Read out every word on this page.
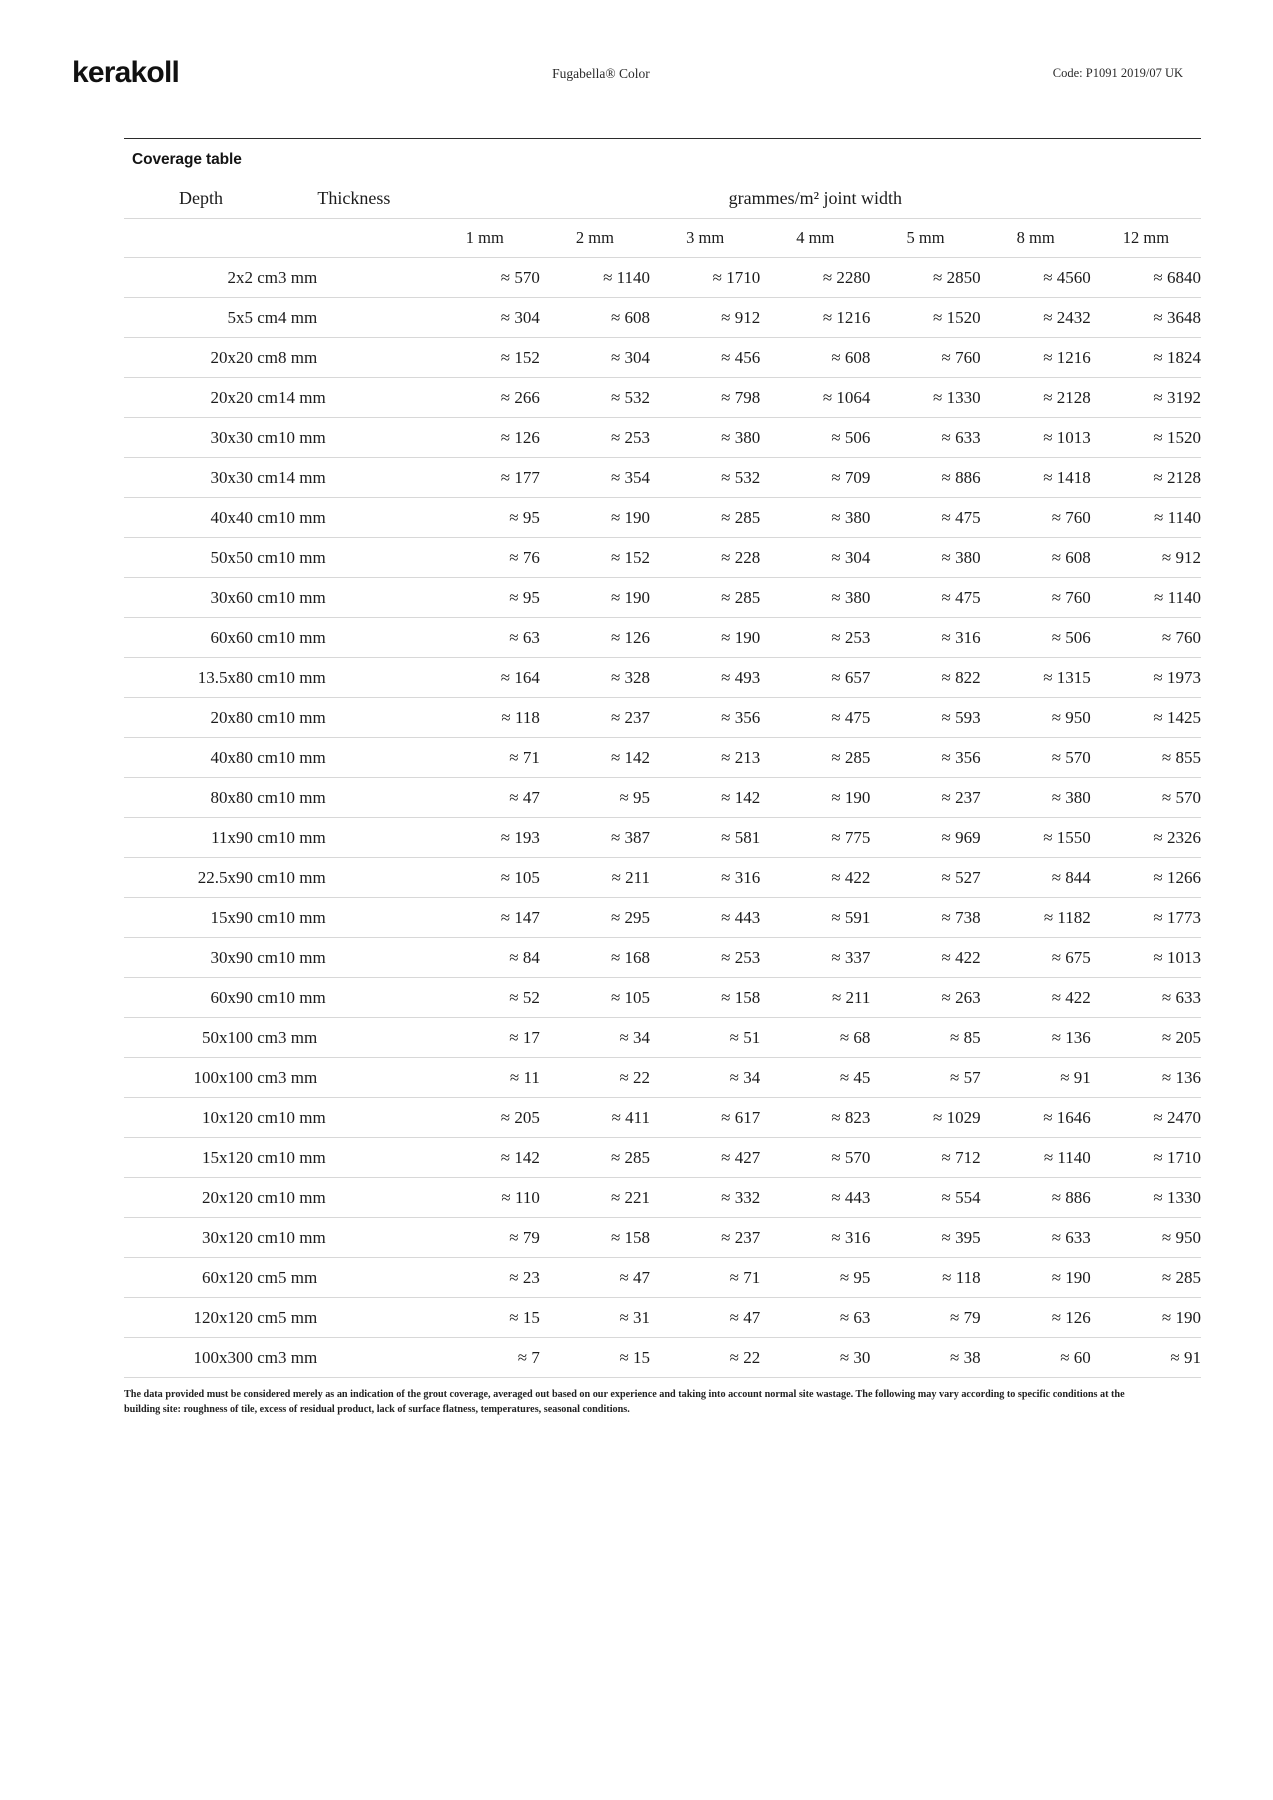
kerakoll	Fugabella® Color	Code: P1091 2019/07 UK
Coverage table
Depth	Thickness	grammes/m² joint width						
		1 mm	2 mm	3 mm	4 mm	5 mm	8 mm	12 mm
2x2 cm	3 mm	≈ 570	≈ 1140	≈ 1710	≈ 2280	≈ 2850	≈ 4560	≈ 6840
5x5 cm	4 mm	≈ 304	≈ 608	≈ 912	≈ 1216	≈ 1520	≈ 2432	≈ 3648
20x20 cm	8 mm	≈ 152	≈ 304	≈ 456	≈ 608	≈ 760	≈ 1216	≈ 1824
20x20 cm	14 mm	≈ 266	≈ 532	≈ 798	≈ 1064	≈ 1330	≈ 2128	≈ 3192
30x30 cm	10 mm	≈ 126	≈ 253	≈ 380	≈ 506	≈ 633	≈ 1013	≈ 1520
30x30 cm	14 mm	≈ 177	≈ 354	≈ 532	≈ 709	≈ 886	≈ 1418	≈ 2128
40x40 cm	10 mm	≈ 95	≈ 190	≈ 285	≈ 380	≈ 475	≈ 760	≈ 1140
50x50 cm	10 mm	≈ 76	≈ 152	≈ 228	≈ 304	≈ 380	≈ 608	≈ 912
30x60 cm	10 mm	≈ 95	≈ 190	≈ 285	≈ 380	≈ 475	≈ 760	≈ 1140
60x60 cm	10 mm	≈ 63	≈ 126	≈ 190	≈ 253	≈ 316	≈ 506	≈ 760
13.5x80 cm	10 mm	≈ 164	≈ 328	≈ 493	≈ 657	≈ 822	≈ 1315	≈ 1973
20x80 cm	10 mm	≈ 118	≈ 237	≈ 356	≈ 475	≈ 593	≈ 950	≈ 1425
40x80 cm	10 mm	≈ 71	≈ 142	≈ 213	≈ 285	≈ 356	≈ 570	≈ 855
80x80 cm	10 mm	≈ 47	≈ 95	≈ 142	≈ 190	≈ 237	≈ 380	≈ 570
11x90 cm	10 mm	≈ 193	≈ 387	≈ 581	≈ 775	≈ 969	≈ 1550	≈ 2326
22.5x90 cm	10 mm	≈ 105	≈ 211	≈ 316	≈ 422	≈ 527	≈ 844	≈ 1266
15x90 cm	10 mm	≈ 147	≈ 295	≈ 443	≈ 591	≈ 738	≈ 1182	≈ 1773
30x90 cm	10 mm	≈ 84	≈ 168	≈ 253	≈ 337	≈ 422	≈ 675	≈ 1013
60x90 cm	10 mm	≈ 52	≈ 105	≈ 158	≈ 211	≈ 263	≈ 422	≈ 633
50x100 cm	3 mm	≈ 17	≈ 34	≈ 51	≈ 68	≈ 85	≈ 136	≈ 205
100x100 cm	3 mm	≈ 11	≈ 22	≈ 34	≈ 45	≈ 57	≈ 91	≈ 136
10x120 cm	10 mm	≈ 205	≈ 411	≈ 617	≈ 823	≈ 1029	≈ 1646	≈ 2470
15x120 cm	10 mm	≈ 142	≈ 285	≈ 427	≈ 570	≈ 712	≈ 1140	≈ 1710
20x120 cm	10 mm	≈ 110	≈ 221	≈ 332	≈ 443	≈ 554	≈ 886	≈ 1330
30x120 cm	10 mm	≈ 79	≈ 158	≈ 237	≈ 316	≈ 395	≈ 633	≈ 950
60x120 cm	5 mm	≈ 23	≈ 47	≈ 71	≈ 95	≈ 118	≈ 190	≈ 285
120x120 cm	5 mm	≈ 15	≈ 31	≈ 47	≈ 63	≈ 79	≈ 126	≈ 190
100x300 cm	3 mm	≈ 7	≈ 15	≈ 22	≈ 30	≈ 38	≈ 60	≈ 91
The data provided must be considered merely as an indication of the grout coverage, averaged out based on our experience and taking into account normal site wastage. The following may vary according to specific conditions at the building site: roughness of tile, excess of residual product, lack of surface flatness, temperatures, seasonal conditions.
